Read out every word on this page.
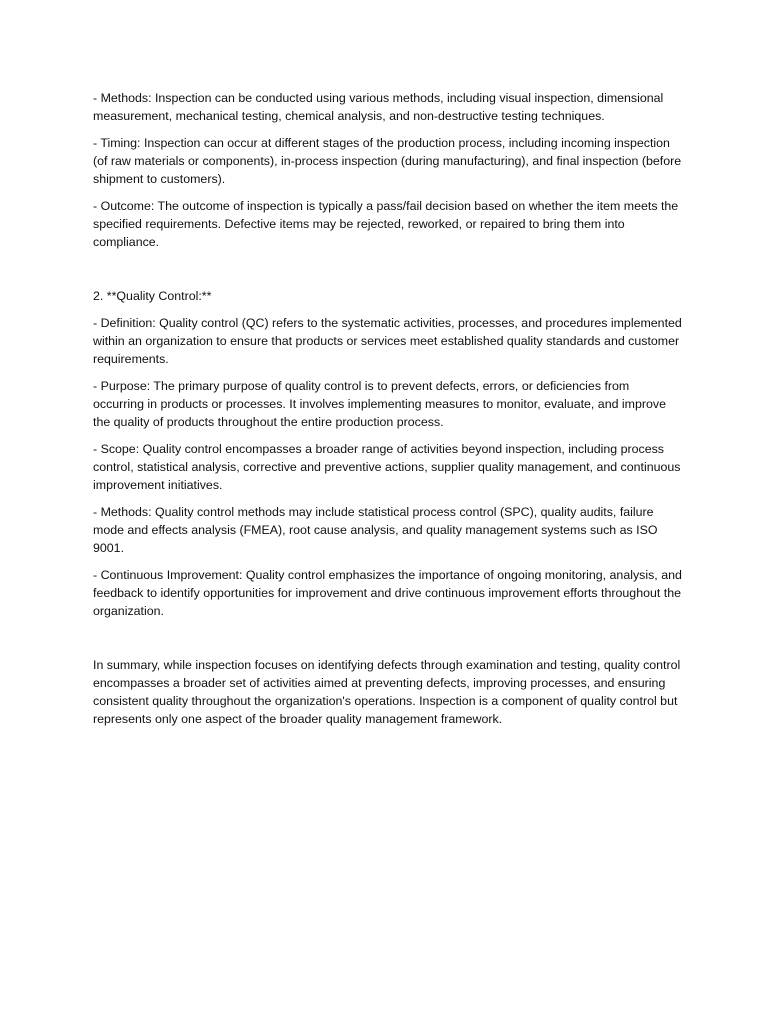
- Methods: Inspection can be conducted using various methods, including visual inspection, dimensional measurement, mechanical testing, chemical analysis, and non-destructive testing techniques.

- Timing: Inspection can occur at different stages of the production process, including incoming inspection (of raw materials or components), in-process inspection (during manufacturing), and final inspection (before shipment to customers).

- Outcome: The outcome of inspection is typically a pass/fail decision based on whether the item meets the specified requirements. Defective items may be rejected, reworked, or repaired to bring them into compliance.

2. **Quality Control:**

- Definition: Quality control (QC) refers to the systematic activities, processes, and procedures implemented within an organization to ensure that products or services meet established quality standards and customer requirements.

- Purpose: The primary purpose of quality control is to prevent defects, errors, or deficiencies from occurring in products or processes. It involves implementing measures to monitor, evaluate, and improve the quality of products throughout the entire production process.

- Scope: Quality control encompasses a broader range of activities beyond inspection, including process control, statistical analysis, corrective and preventive actions, supplier quality management, and continuous improvement initiatives.

- Methods: Quality control methods may include statistical process control (SPC), quality audits, failure mode and effects analysis (FMEA), root cause analysis, and quality management systems such as ISO 9001.

- Continuous Improvement: Quality control emphasizes the importance of ongoing monitoring, analysis, and feedback to identify opportunities for improvement and drive continuous improvement efforts throughout the organization.

In summary, while inspection focuses on identifying defects through examination and testing, quality control encompasses a broader set of activities aimed at preventing defects, improving processes, and ensuring consistent quality throughout the organization's operations. Inspection is a component of quality control but represents only one aspect of the broader quality management framework.
